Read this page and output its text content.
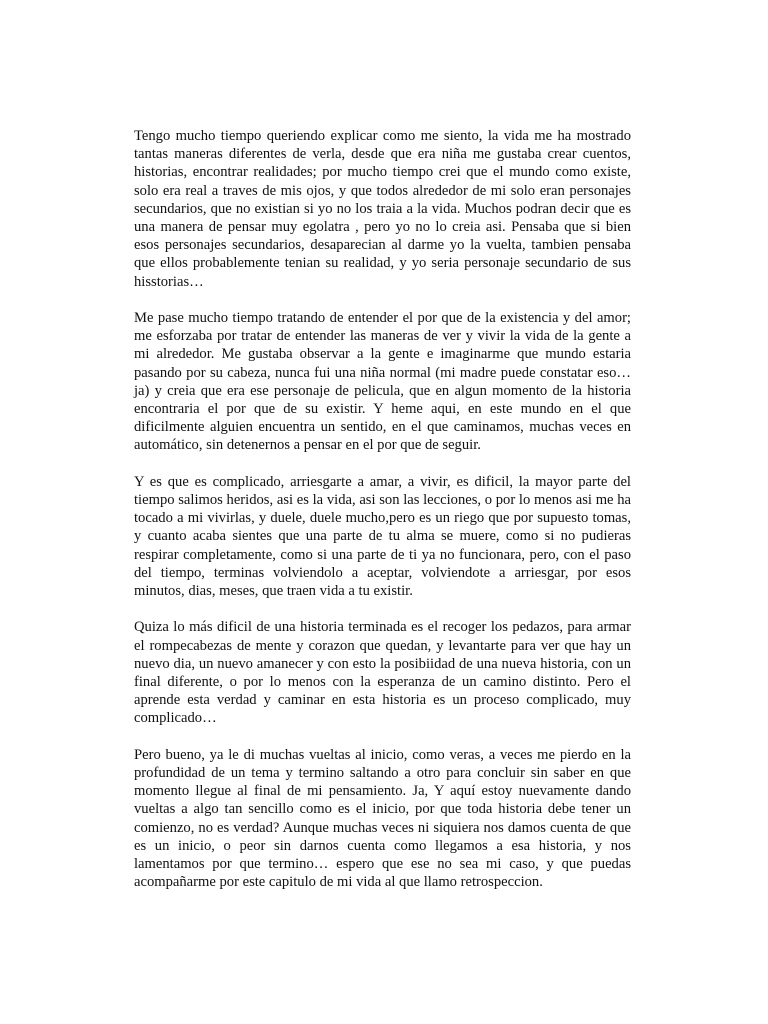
Tengo mucho tiempo queriendo explicar como me siento, la vida me ha mostrado tantas maneras diferentes de verla, desde que era niña me gustaba crear cuentos, historias, encontrar realidades; por mucho tiempo crei que el mundo como existe, solo era real a traves de mis ojos, y que todos alrededor de mi solo eran personajes secundarios, que no existian si yo no los traia a la vida. Muchos podran decir que es una manera de pensar muy egolatra , pero yo no lo creia asi. Pensaba que si bien esos personajes secundarios, desaparecian al darme yo la vuelta, tambien pensaba que ellos probablemente tenian su realidad, y yo seria personaje secundario de sus hisstorias…

Me pase mucho tiempo tratando de entender el por que de la existencia y del amor; me esforzaba por tratar de entender las maneras de ver y vivir la vida de la gente a mi alrededor. Me gustaba observar a la gente e imaginarme que mundo estaria pasando por su cabeza, nunca fui una niña normal (mi madre puede constatar eso… ja) y creia que era ese personaje de pelicula, que en algun momento de la historia encontraria el por que de su existir. Y heme aqui, en este mundo en el que dificilmente alguien encuentra un sentido, en el que caminamos, muchas veces en automático, sin detenernos a pensar en el por que de seguir.

Y es que es complicado, arriesgarte a amar, a vivir, es dificil, la mayor parte del tiempo salimos heridos, asi es la vida, asi son las lecciones, o por lo menos asi me ha tocado a mi vivirlas, y duele, duele mucho,pero es un riego que por supuesto tomas, y cuanto acaba sientes que una parte de tu alma se muere, como si no pudieras respirar completamente, como si una parte de ti ya no funcionara, pero, con el paso del tiempo, terminas volviendolo a aceptar, volviendote a arriesgar, por esos minutos, dias, meses, que traen vida a tu existir.

Quiza lo más dificil de una historia terminada es el recoger los pedazos, para armar el rompecabezas de mente y corazon que quedan, y levantarte para ver que hay un nuevo dia, un nuevo amanecer y con esto la posibiidad de una nueva historia, con un final diferente, o por lo menos con la esperanza de un camino distinto. Pero el aprende esta verdad y caminar en esta historia es un proceso complicado, muy complicado…

Pero bueno, ya le di muchas vueltas al inicio, como veras, a veces me pierdo en la profundidad de un tema y termino saltando a otro para concluir sin saber en que momento llegue al final de mi pensamiento. Ja, Y aquí estoy nuevamente dando vueltas a algo tan sencillo como es el inicio, por que toda historia debe tener un comienzo, no es verdad? Aunque muchas veces ni siquiera nos damos cuenta de que es un inicio, o peor sin darnos cuenta como llegamos a esa historia, y nos lamentamos por que termino… espero que ese no sea mi caso, y que puedas acompañarme por este capitulo de mi vida al que llamo retrospeccion.
